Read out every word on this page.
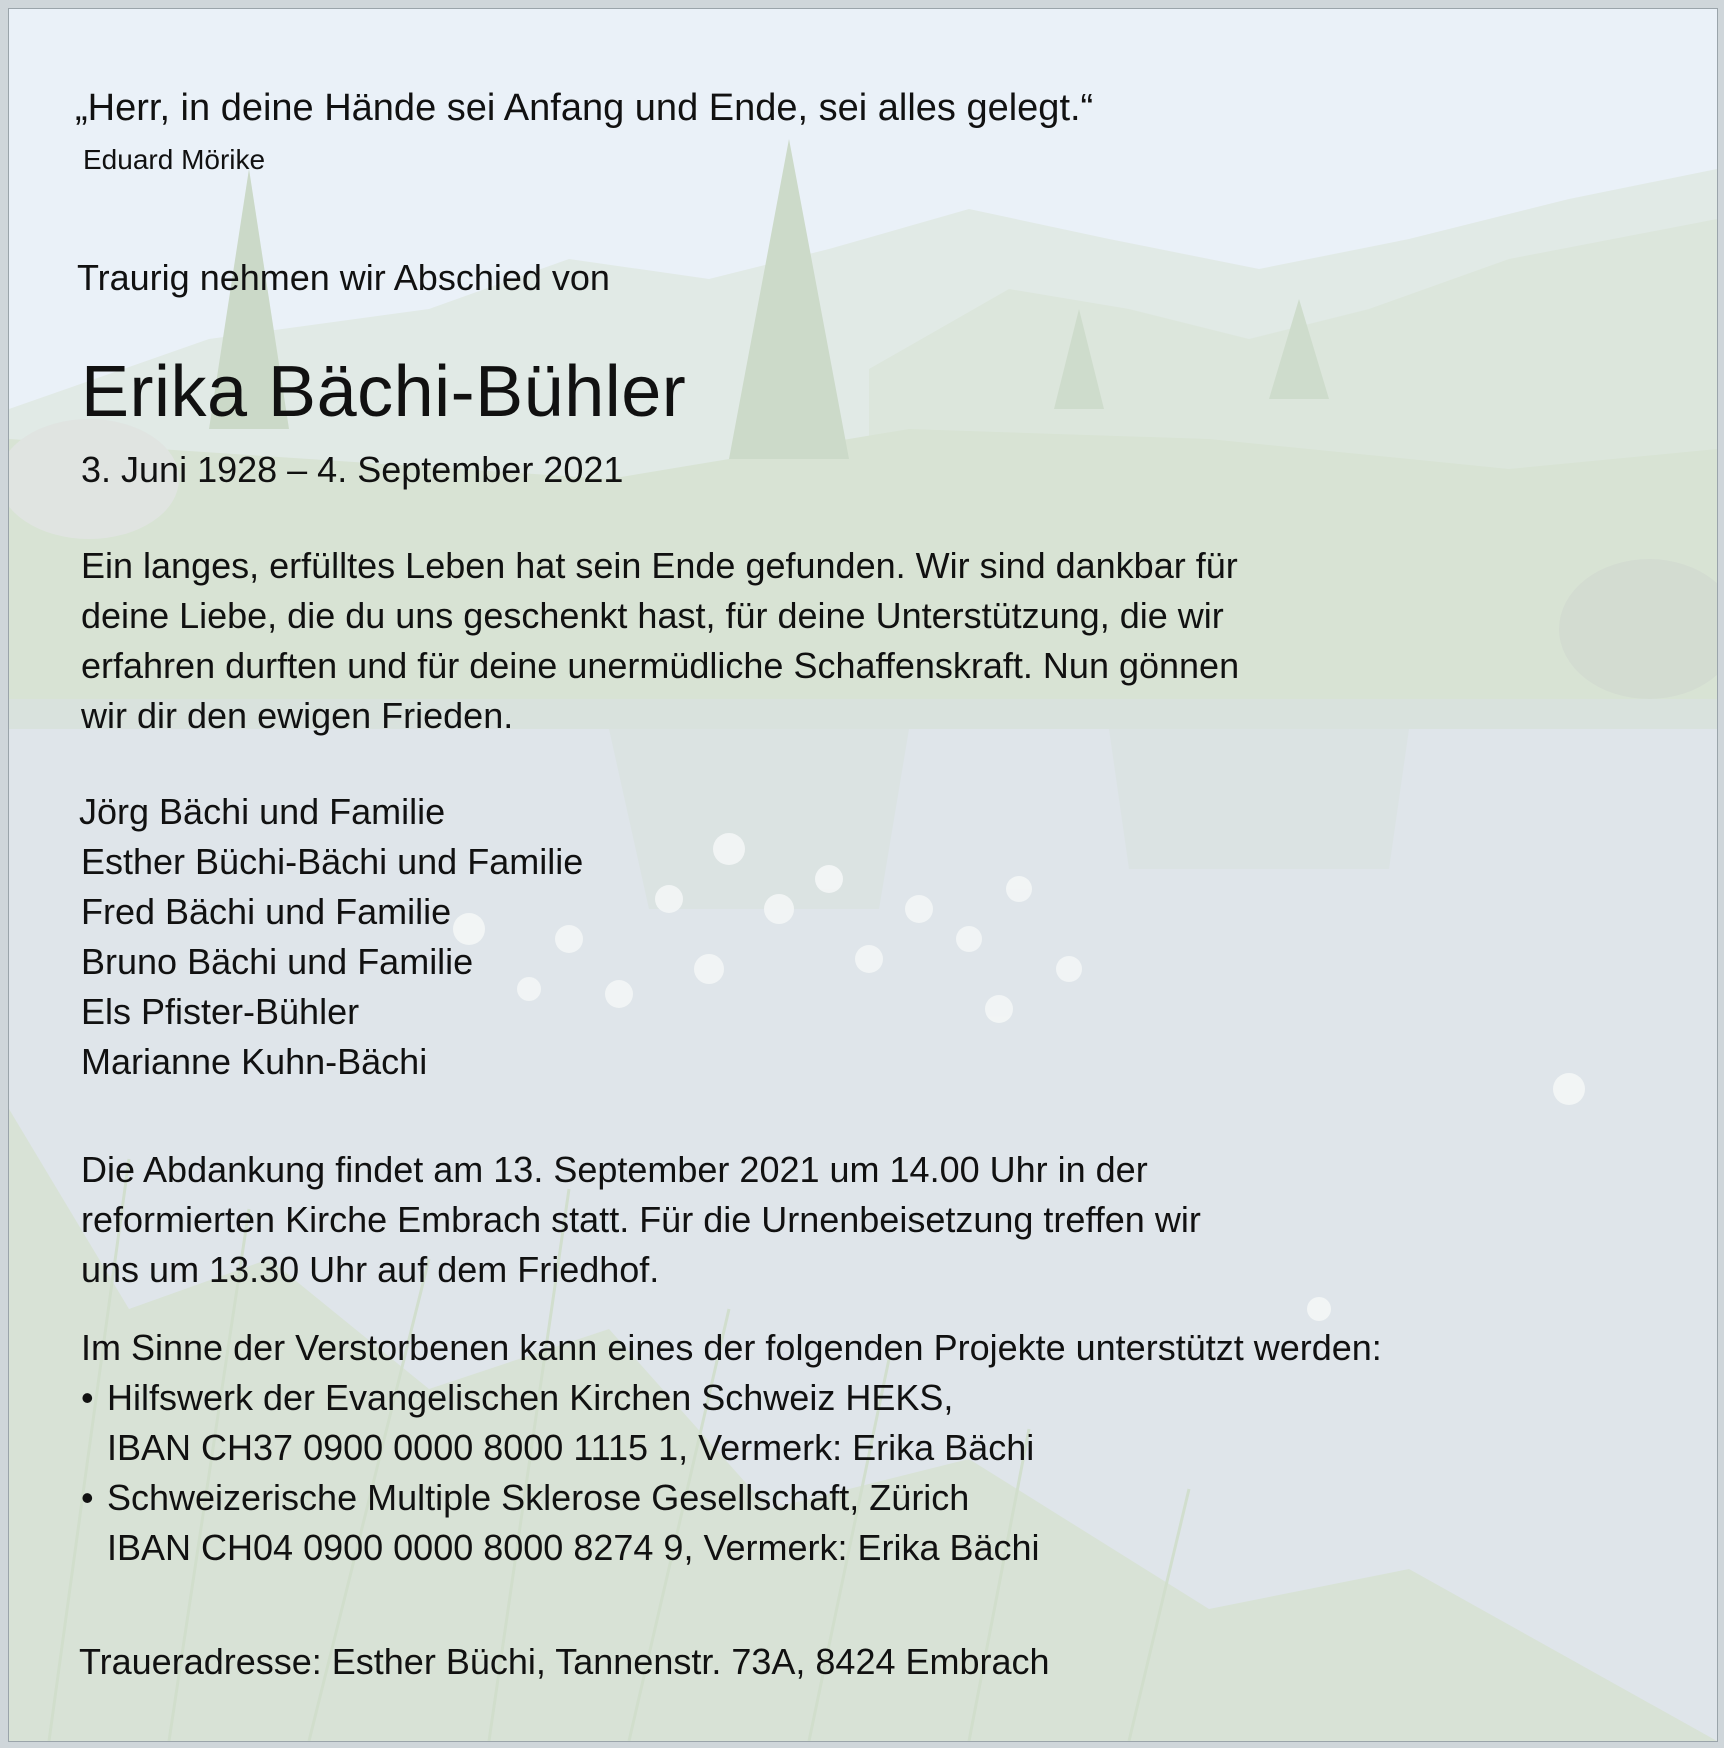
„Herr, in deine Hände sei Anfang und Ende, sei alles gelegt.“

Eduard Mörike

Traurig nehmen wir Abschied von

Erika Bächi-Bühler

3. Juni 1928 – 4. September 2021

Ein langes, erfülltes Leben hat sein Ende gefunden. Wir sind dankbar für
deine Liebe, die du uns geschenkt hast, für deine Unterstützung, die wir
erfahren durften und für deine unermüdliche Schaffenskraft. Nun gönnen
wir dir den ewigen Frieden.

Jörg Bächi und Familie

Esther Büchi-Bächi und Familie

Fred Bächi und Familie

Bruno Bächi und Familie

Els Pfister-Bühler

Marianne Kuhn-Bächi

Die Abdankung findet am 13. September 2021 um 14.00 Uhr in der
reformierten Kirche Embrach statt. Für die Urnenbeisetzung treffen wir
uns um 13.30 Uhr auf dem Friedhof.
Im Sinne der Verstorbenen kann eines der folgenden Projekte unterstützt werden:
• Hilfswerk der Evangelischen Kirchen Schweiz HEKS,
IBAN CH37 0900 0000 8000 1115 1, Vermerk: Erika Bächi
• Schweizerische Multiple Sklerose Gesellschaft, Zürich
IBAN CH04 0900 0000 8000 8274 9, Vermerk: Erika Bächi

Traueradresse: Esther Büchi, Tannenstr. 73A, 8424 Embrach
